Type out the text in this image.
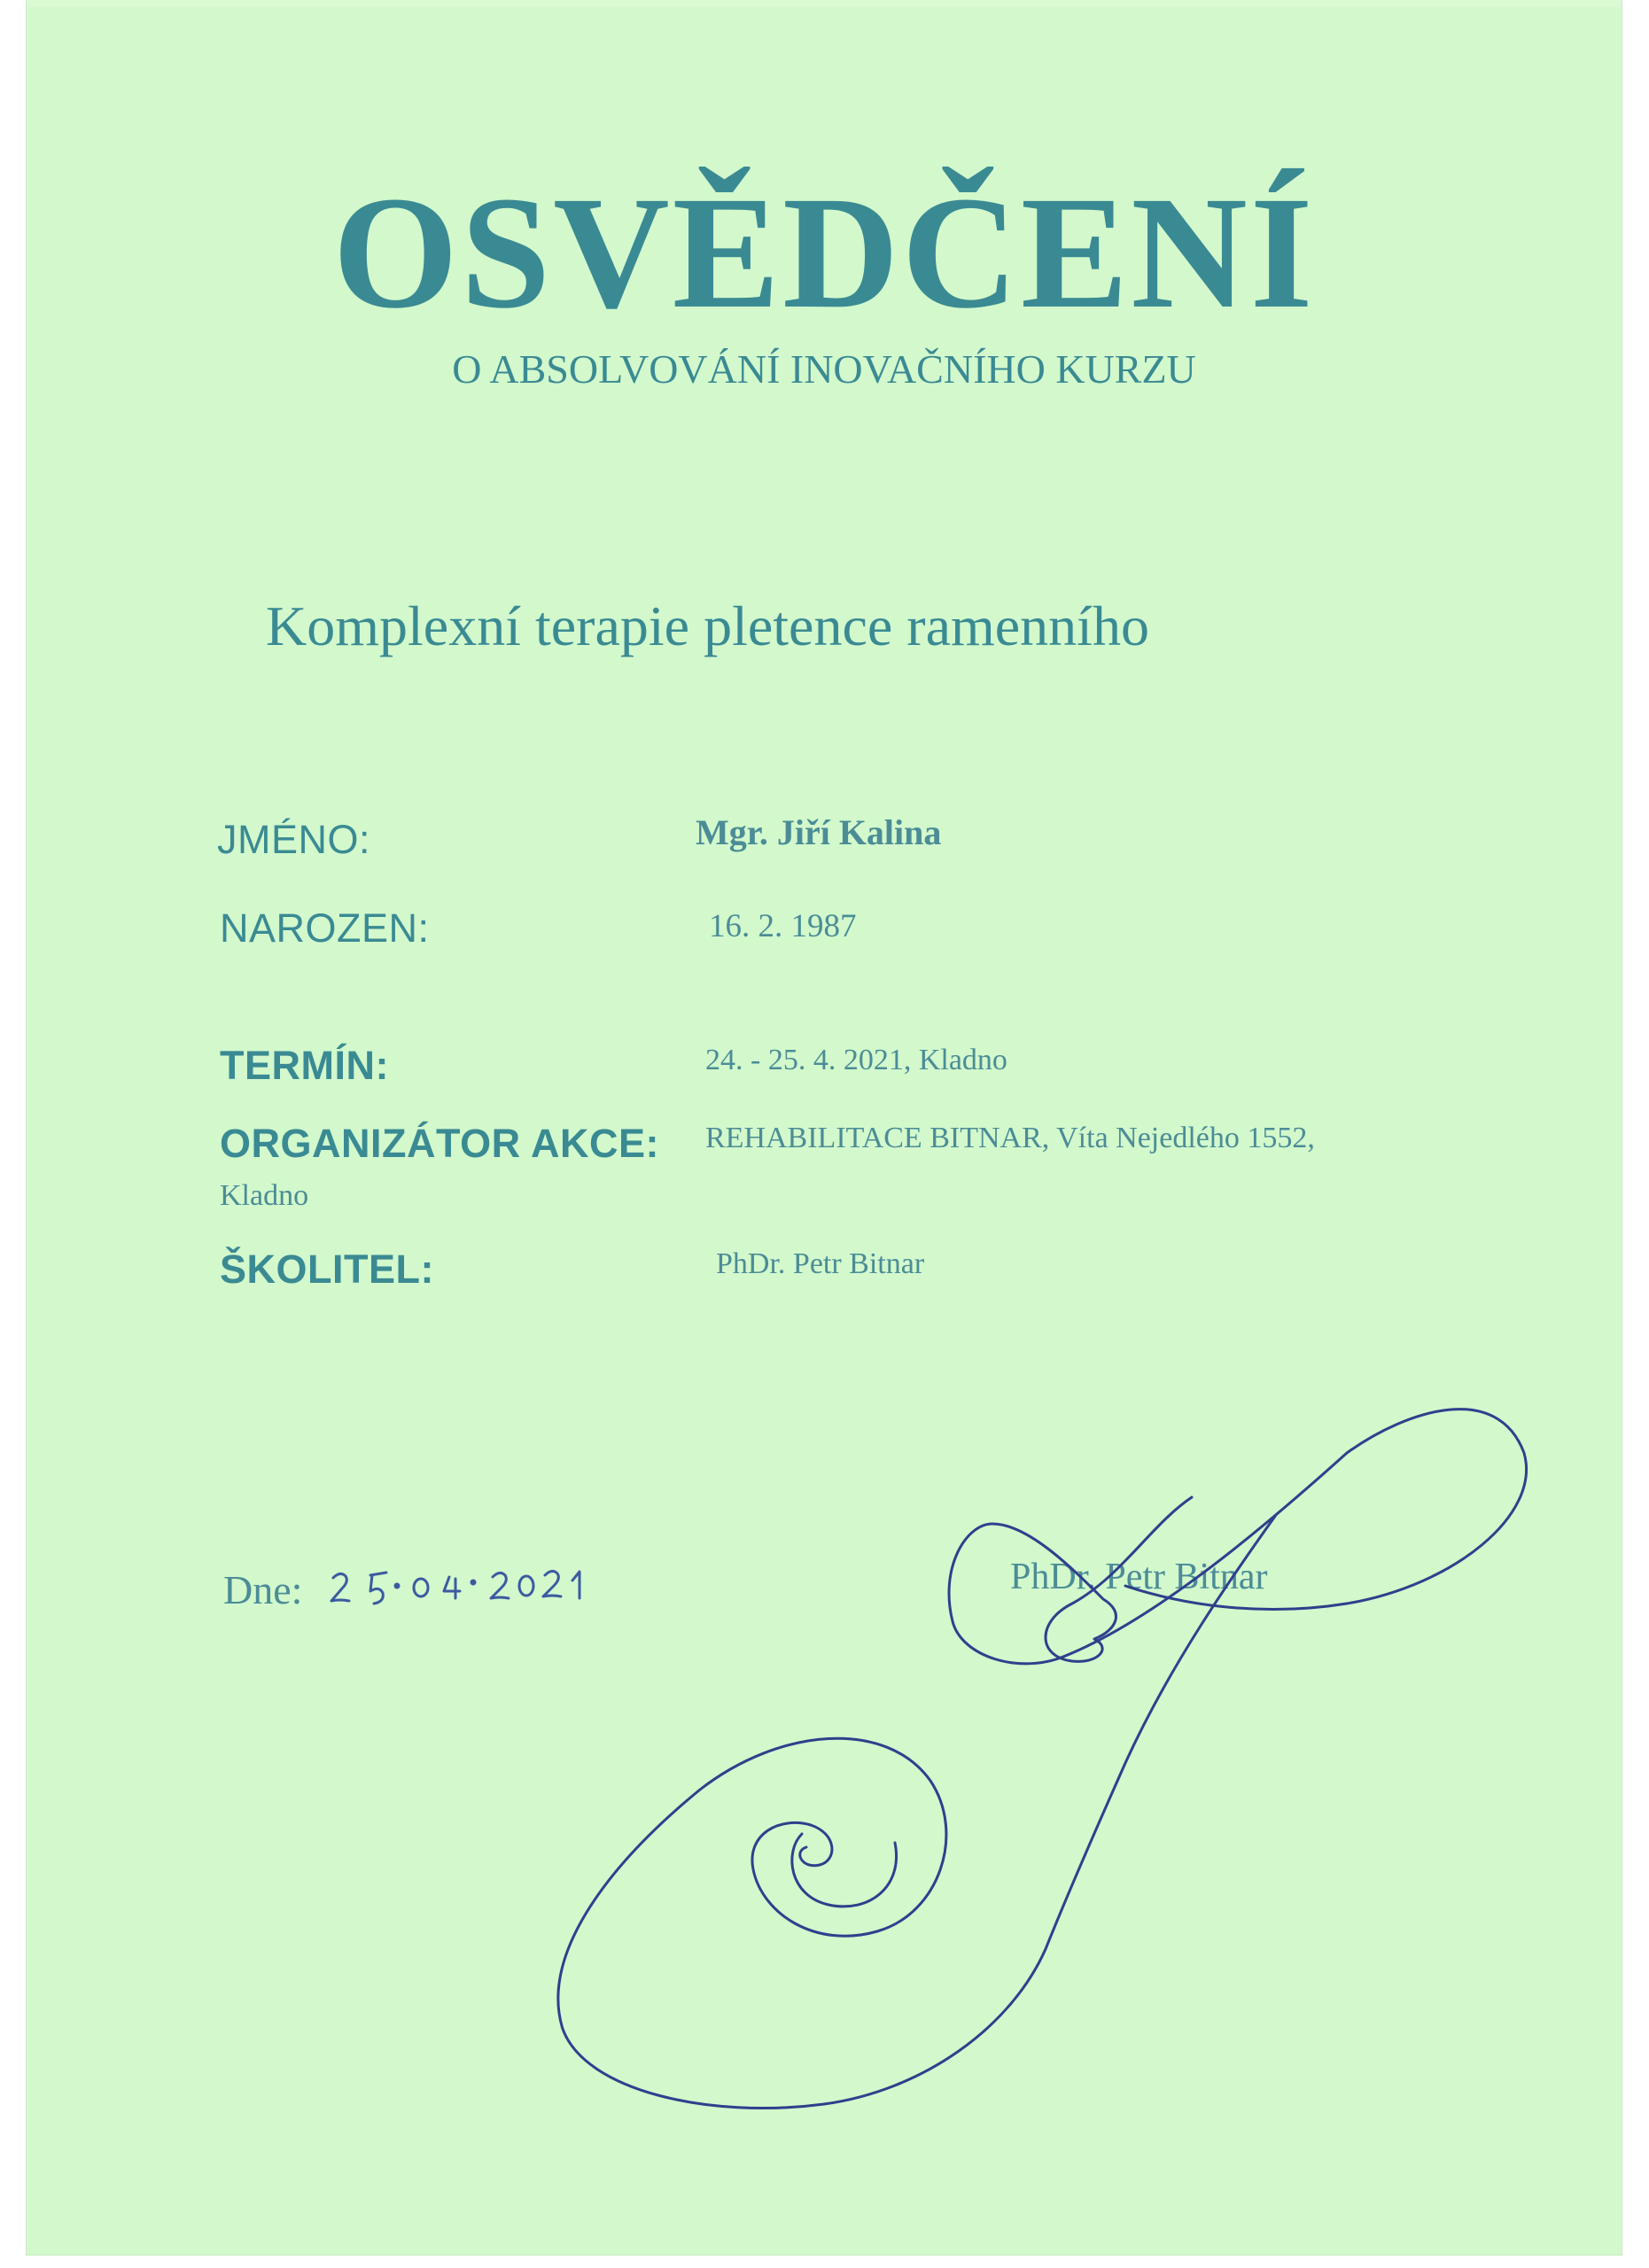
OSVĚDČENÍ
O ABSOLVOVÁNÍ INOVAČNÍHO KURZU
Komplexní terapie pletence ramenního
JMÉNO:	Mgr. Jiří Kalina
NAROZEN:	16. 2. 1987
TERMÍN:	24. - 25. 4. 2021, Kladno
ORGANIZÁTOR AKCE: REHABILITACE BITNAR, Víta Nejedlého 1552,
Kladno
ŠKOLITEL:	PhDr. Petr Bitnar
Dne:	PhDr. Petr Bitnar
